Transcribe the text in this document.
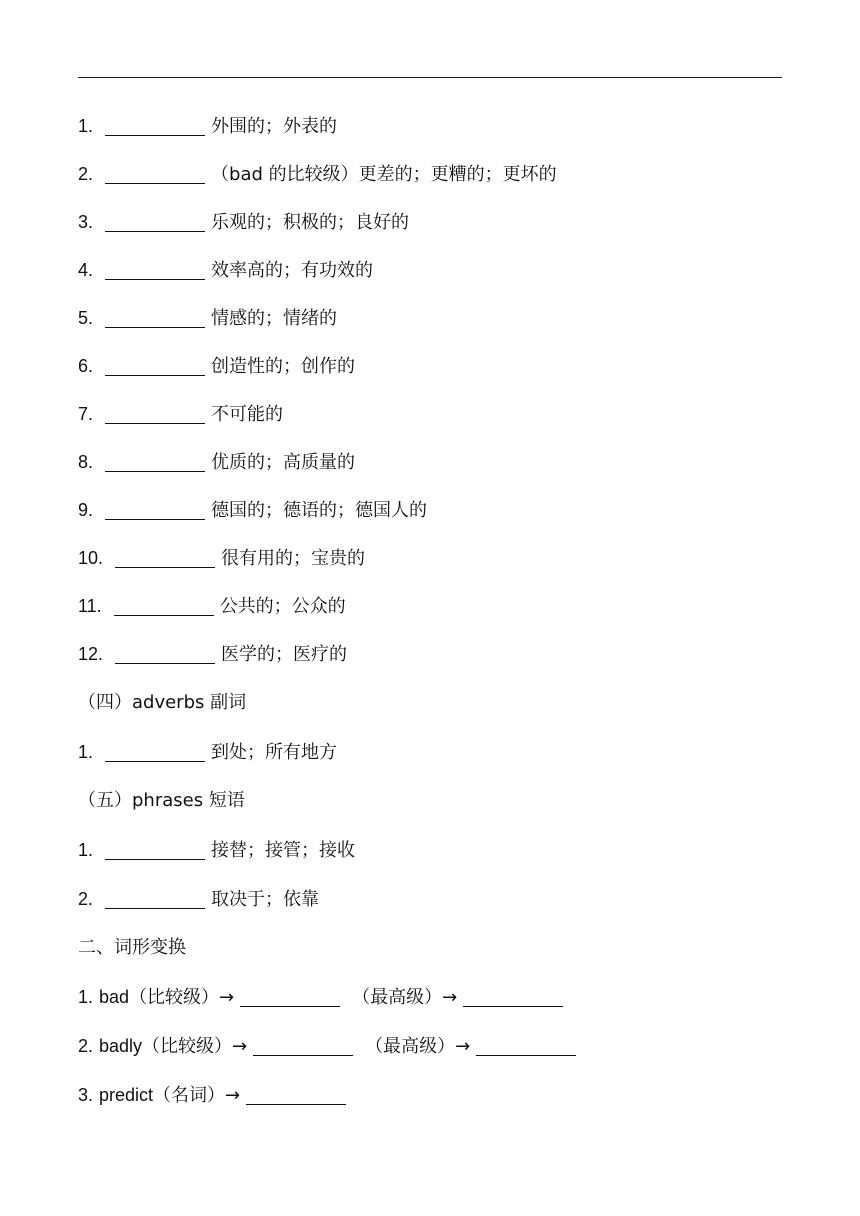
1.	外围的；外表的
2.	（bad 的比较级）更差的；更糟的；更坏的
3.	乐观的；积极的；良好的
4.	效率高的；有功效的
5.	情感的；情绪的
6.	创造性的；创作的
7.	不可能的
8.	优质的；高质量的
9.	德国的；德语的；德国人的
10.	很有用的；宝贵的
11.	公共的；公众的
12.	医学的；医疗的
（四）adverbs 副词
1.	到处；所有地方
（五）phrases 短语
1.	接替；接管；接收
2.	取决于；依靠
二、词形变换
1. bad（比较级）→	（最高级）→
2. badly（比较级）→	（最高级）→
3. predict（名词）→
